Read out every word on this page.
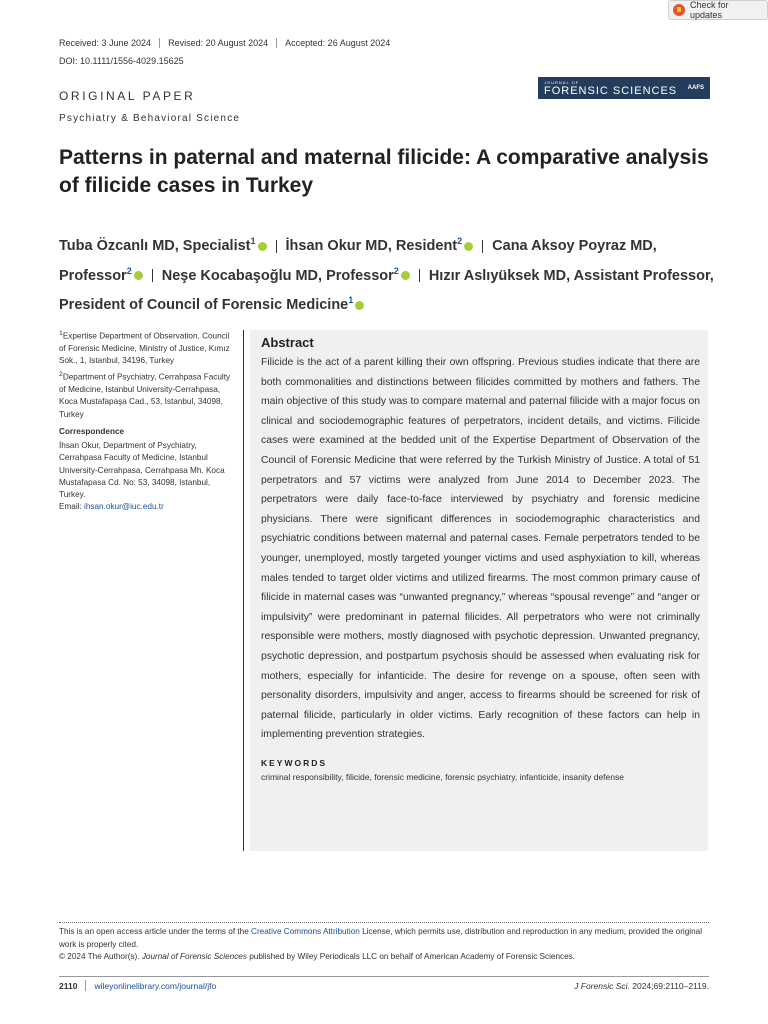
Check for updates
Received: 3 June 2024 Revised: 20 August 2024 Accepted: 26 August 2024
DOI: 10.1111/1556-4029.15625
ORIGINAL PAPER
Psychiatry & Behavioral Science
JOURNAL OF
FORENSIC SCIENCES AAFS
Patterns in paternal and maternal filicide: A comparative analysis of filicide cases in Turkey
Tuba Özcanlı MD, Specialist$^1$ İhsan Okur MD, Resident$^2$ Cana Aksoy Poyraz MD, Professor$^2$ Neşe Kocabaşoğlu MD, Professor$^2$ Hızır Aslıyüksek MD, Assistant Professor, President of Council of Forensic Medicine$^1$

$^1$Expertise Department of Observation, Council of Forensic Medicine, Ministry of Justice, Kımız Sok., 1, Istanbul, 34196, Turkey

$^2$Department of Psychiatry, Cerrahpasa Faculty of Medicine, Istanbul University-Cerrahpasa, Koca Mustafapaşa Cad., 53, Istanbul, 34098, Turkey

Correspondence

İhsan Okur, Department of Psychiatry, Cerrahpasa Faculty of Medicine, Istanbul University-Cerrahpasa, Cerrahpasa Mh. Koca Mustafapasa Cd. No: 53, 34098, Istanbul, Turkey.
Email: ihsan.okur@iuc.edu.tr

Abstract

Filicide is the act of a parent killing their own offspring. Previous studies indicate that there are both commonalities and distinctions between filicides committed by mothers and fathers. The main objective of this study was to compare maternal and paternal filicide with a major focus on clinical and sociodemographic features of perpetrators, incident details, and victims. Filicide cases were examined at the bedded unit of the Expertise Department of Observation of the Council of Forensic Medicine that were referred by the Turkish Ministry of Justice. A total of 51 perpetrators and 57 victims were analyzed from June 2014 to December 2023. The perpetrators were daily face-to-face interviewed by psychiatry and forensic medicine physicians. There were significant differences in sociodemographic characteristics and psychiatric conditions between maternal and paternal cases. Female perpetrators tended to be younger, unemployed, mostly targeted younger victims and used asphyxiation to kill, whereas males tended to target older victims and utilized firearms. The most common primary cause of filicide in maternal cases was “unwanted pregnancy,” whereas “spousal revenge” and “anger or impulsivity” were predominant in paternal filicides. All perpetrators who were not criminally responsible were mothers, mostly diagnosed with psychotic depression. Unwanted pregnancy, psychotic depression, and postpartum psychosis should be assessed when evaluating risk for mothers, especially for infanticide. The desire for revenge on a spouse, often seen with personality disorders, impulsivity and anger, access to firearms should be screened for risk of paternal filicide, particularly in older victims. Early recognition of these factors can help in implementing prevention strategies.

KEYWORDS
criminal responsibility, filicide, forensic medicine, forensic psychiatry, infanticide, insanity defense
This is an open access article under the terms of the Creative Commons Attribution License, which permits use, distribution and reproduction in any medium, provided the original work is properly cited.
© 2024 The Author(s). Journal of Forensic Sciences published by Wiley Periodicals LLC on behalf of American Academy of Forensic Sciences.
2110 wileyonlinelibrary.com/journal/jfo	J Forensic Sci. 2024;69:2110–2119.
